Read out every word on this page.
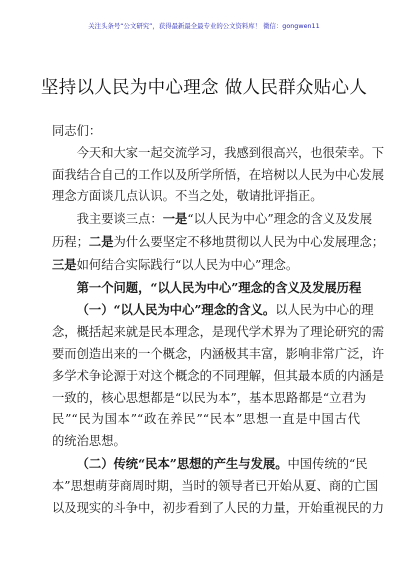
关注头条号“公文研究”，获得最新最全最专业的公文资料库！ 微信：gongwen11
坚持以人民为中心理念 做人民群众贴心人

同志们：

今天和大家一起交流学习，我感到很高兴，也很荣幸。下
面我结合自己的工作以及所学所悟，在培树以人民为中心发展
理念方面谈几点认识。不当之处，敬请批评指正。

我主要谈三点：一是“以人民为中心”理念的含义及发展
历程；二是为什么要坚定不移地贯彻以人民为中心发展理念；
三是如何结合实际践行“以人民为中心”理念。

第一个问题，“以人民为中心”理念的含义及发展历程

（一）“以人民为中心”理念的含义。以人民为中心的理
念，概括起来就是民本理念，是现代学术界为了理论研究的需
要而创造出来的一个概念，内涵极其丰富，影响非常广泛，许
多学术争论源于对这个概念的不同理解，但其最本质的内涵是
一致的，核心思想都是“以民为本”，基本思路都是“立君为
民”“民为国本”“政在养民”“民本”思想一直是中国古代
的统治思想。

（二）传统“民本”思想的产生与发展。中国传统的“民
本”思想萌芽商周时期，当时的领导者已开始从夏、商的亡国
以及现实的斗争中，初步看到了人民的力量，开始重视民的力
